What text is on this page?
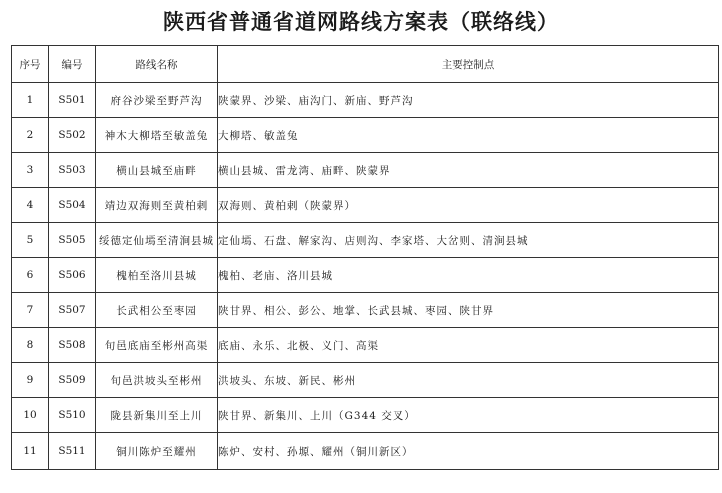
陕西省普通省道网路线方案表（联络线）
序号	编号	路线名称	主要控制点
1	S501	府谷沙梁至野芦沟	陕蒙界、沙梁、庙沟门、新庙、野芦沟
2	S502	神木大柳塔至敏盖兔	大柳塔、敏盖兔
3	S503	横山县城至庙畔	横山县城、雷龙湾、庙畔、陕蒙界
4	S504	靖边双海则至黄柏剌	双海则、黄柏剌（陕蒙界）
5	S505	绥德定仙墕至清涧县城	定仙墕、石盘、解家沟、店则沟、李家塔、大岔则、清涧县城
6	S506	槐柏至洛川县城	槐柏、老庙、洛川县城
7	S507	长武相公至枣园	陕甘界、相公、彭公、地掌、长武县城、枣园、陕甘界
8	S508	旬邑底庙至彬州高渠	底庙、永乐、北极、义门、高渠
9	S509	旬邑洪坡头至彬州	洪坡头、东坡、新民、彬州
10	S510	陇县新集川至上川	陕甘界、新集川、上川（G344 交叉）
11	S511	铜川陈炉至耀州	陈炉、安村、孙塬、耀州（铜川新区）
